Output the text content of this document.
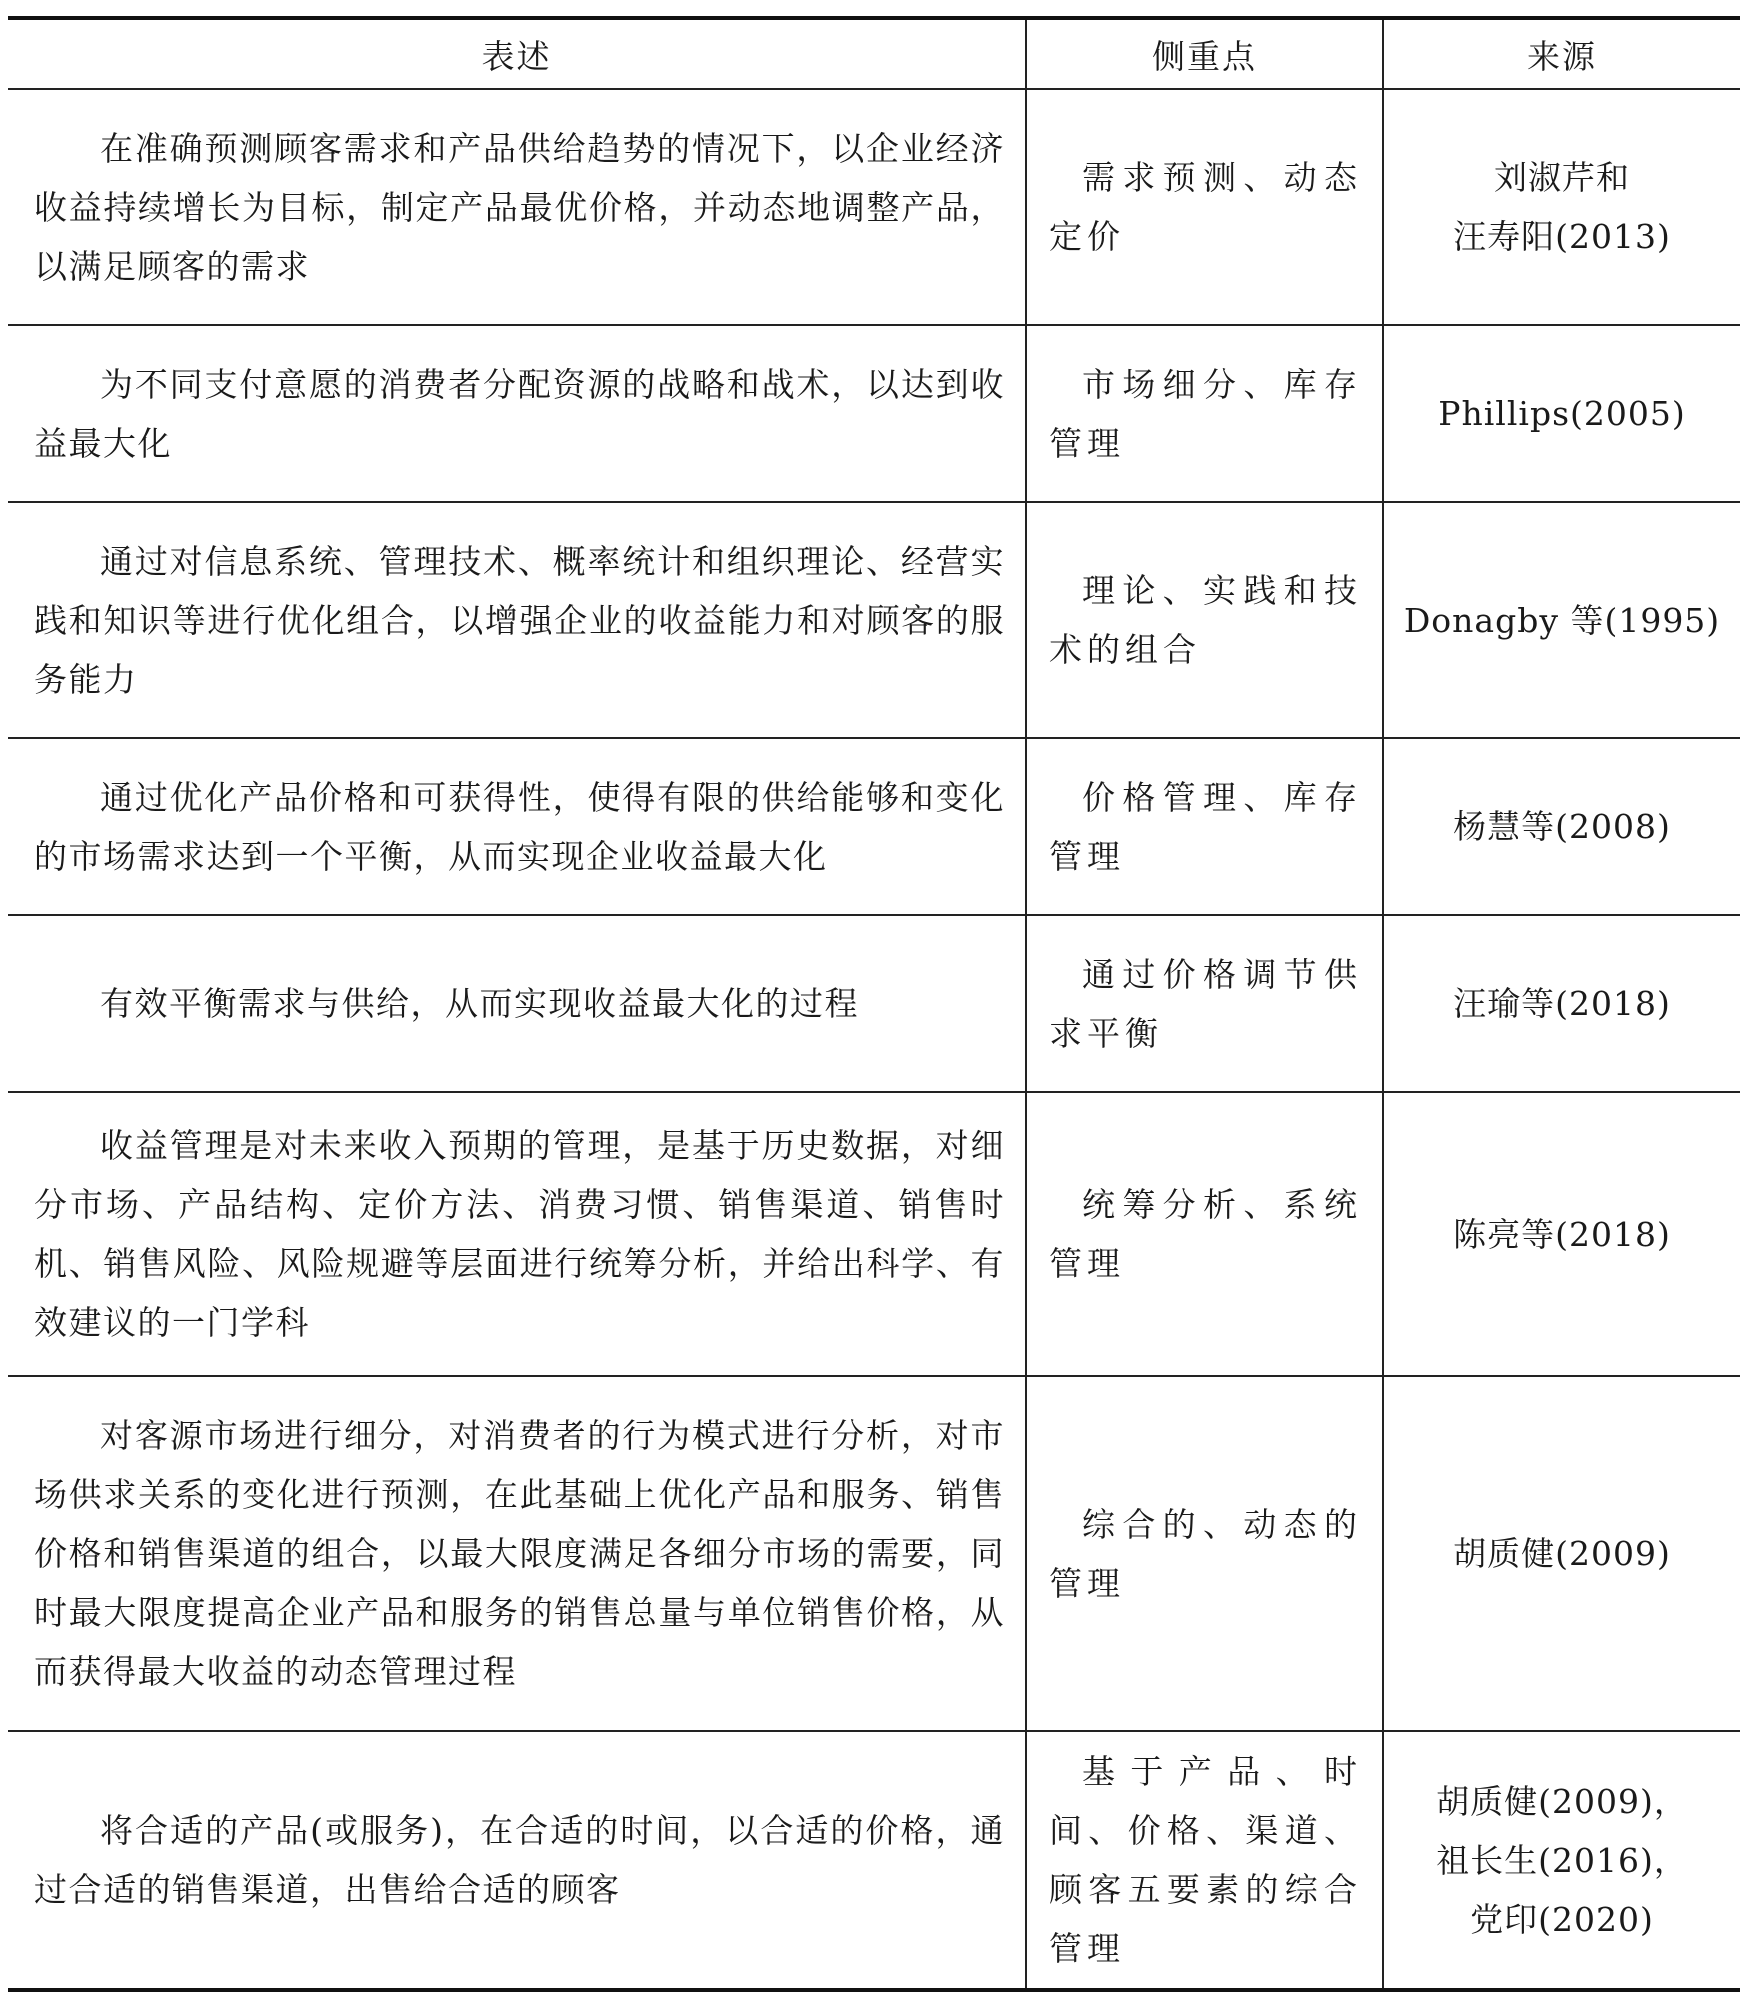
表述	侧重点	来源
在准确预测顾客需求和产品供给趋势的情况下，以企业经济收益持续增长为目标，制定产品最优价格，并动态地调整产品，以满足顾客的需求	需求预测、动态定价	刘淑芹和
汪寿阳(2013)

为不同支付意愿的消费者分配资源的战略和战术，以达到收益最大化	市场细分、库存管理	Phillips(2005)

通过对信息系统、管理技术、概率统计和组织理论、经营实践和知识等进行优化组合，以增强企业的收益能力和对顾客的服务能力	理论、实践和技术的组合	Donagby 等(1995)

通过优化产品价格和可获得性，使得有限的供给能够和变化的市场需求达到一个平衡，从而实现企业收益最大化	价格管理、库存管理	杨慧等(2008)

有效平衡需求与供给，从而实现收益最大化的过程	通过价格调节供求平衡	汪瑜等(2018)

收益管理是对未来收入预期的管理，是基于历史数据，对细分市场、产品结构、定价方法、消费习惯、销售渠道、销售时机、销售风险、风险规避等层面进行统筹分析，并给出科学、有效建议的一门学科	统筹分析、系统管理	陈亮等(2018)

对客源市场进行细分，对消费者的行为模式进行分析，对市场供求关系的变化进行预测，在此基础上优化产品和服务、销售价格和销售渠道的组合，以最大限度满足各细分市场的需要，同时最大限度提高企业产品和服务的销售总量与单位销售价格，从而获得最大收益的动态管理过程	综合的、动态的管理	胡质健(2009)

将合适的产品(或服务)，在合适的时间，以合适的价格，通过合适的销售渠道，出售给合适的顾客	基于产品、时间、价格、渠道、顾客五要素的综合管理	胡质健(2009)，
祖长生(2016)，
党印(2020)
